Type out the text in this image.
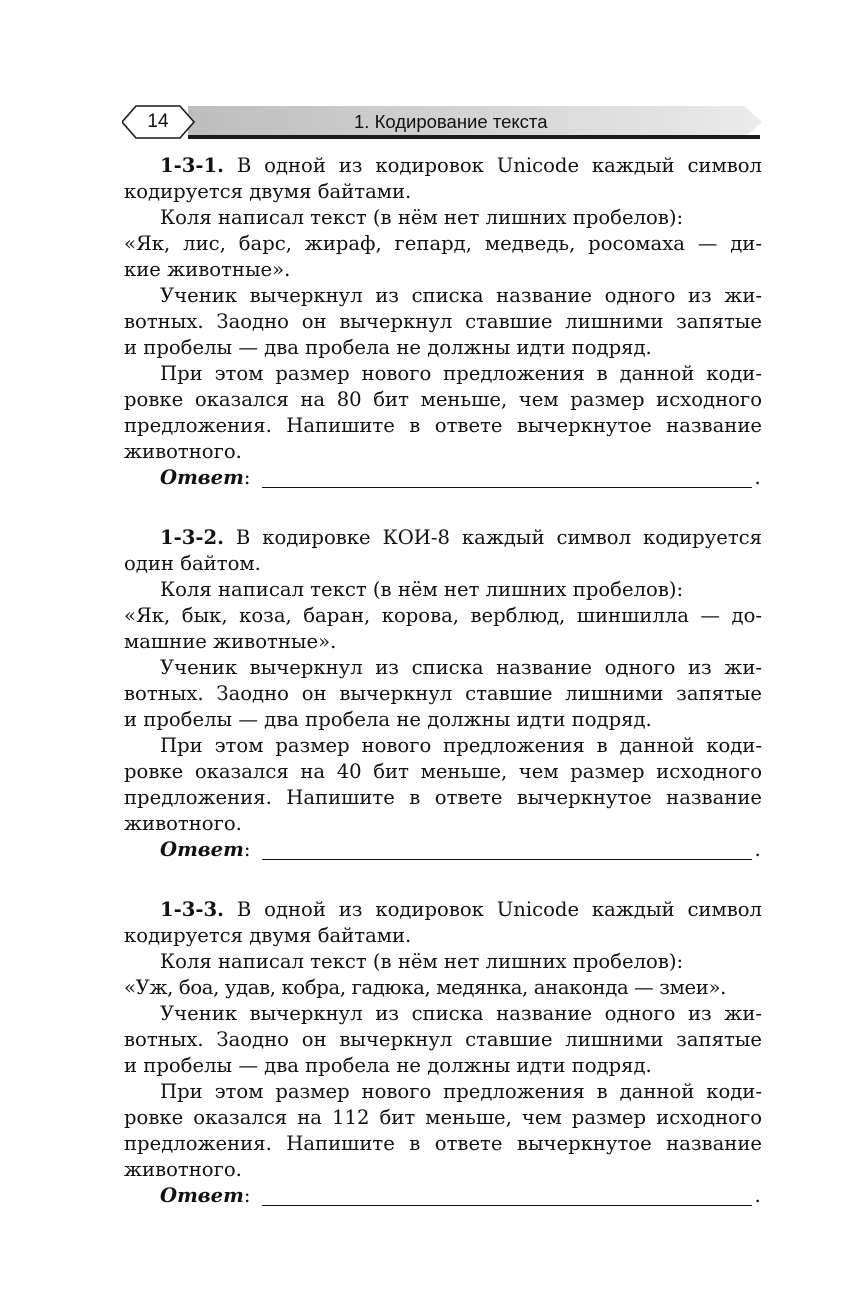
14	1. Кодирование текста
1-3-1. В одной из кодировок Unicode каждый символ
кодируется двумя байтами.
Коля написал текст (в нём нет лишних пробелов):
«Як, лис, барс, жираф, гепард, медведь, росомаха — ди-
кие животные».
Ученик вычеркнул из списка название одного из жи-
вотных. Заодно он вычеркнул ставшие лишними запятые
и пробелы — два пробела не должны идти подряд.
При этом размер нового предложения в данной коди-
ровке оказался на 80 бит меньше, чем размер исходного
предложения. Напишите в ответе вычеркнутое название
животного.
Ответ :	.
1-3-2. В кодировке КОИ-8 каждый символ кодируется
один байтом.
Коля написал текст (в нём нет лишних пробелов):
«Як, бык, коза, баран, корова, верблюд, шиншилла — до-
машние животные».
Ученик вычеркнул из списка название одного из жи-
вотных. Заодно он вычеркнул ставшие лишними запятые
и пробелы — два пробела не должны идти подряд.
При этом размер нового предложения в данной коди-
ровке оказался на 40 бит меньше, чем размер исходного
предложения. Напишите в ответе вычеркнутое название
животного.
Ответ :	.
1-3-3. В одной из кодировок Unicode каждый символ
кодируется двумя байтами.
Коля написал текст (в нём нет лишних пробелов):
«Уж, боа, удав, кобра, гадюка, медянка, анаконда — змеи».
Ученик вычеркнул из списка название одного из жи-
вотных. Заодно он вычеркнул ставшие лишними запятые
и пробелы — два пробела не должны идти подряд.
При этом размер нового предложения в данной коди-
ровке оказался на 112 бит меньше, чем размер исходного
предложения. Напишите в ответе вычеркнутое название
животного.
Ответ :	.
